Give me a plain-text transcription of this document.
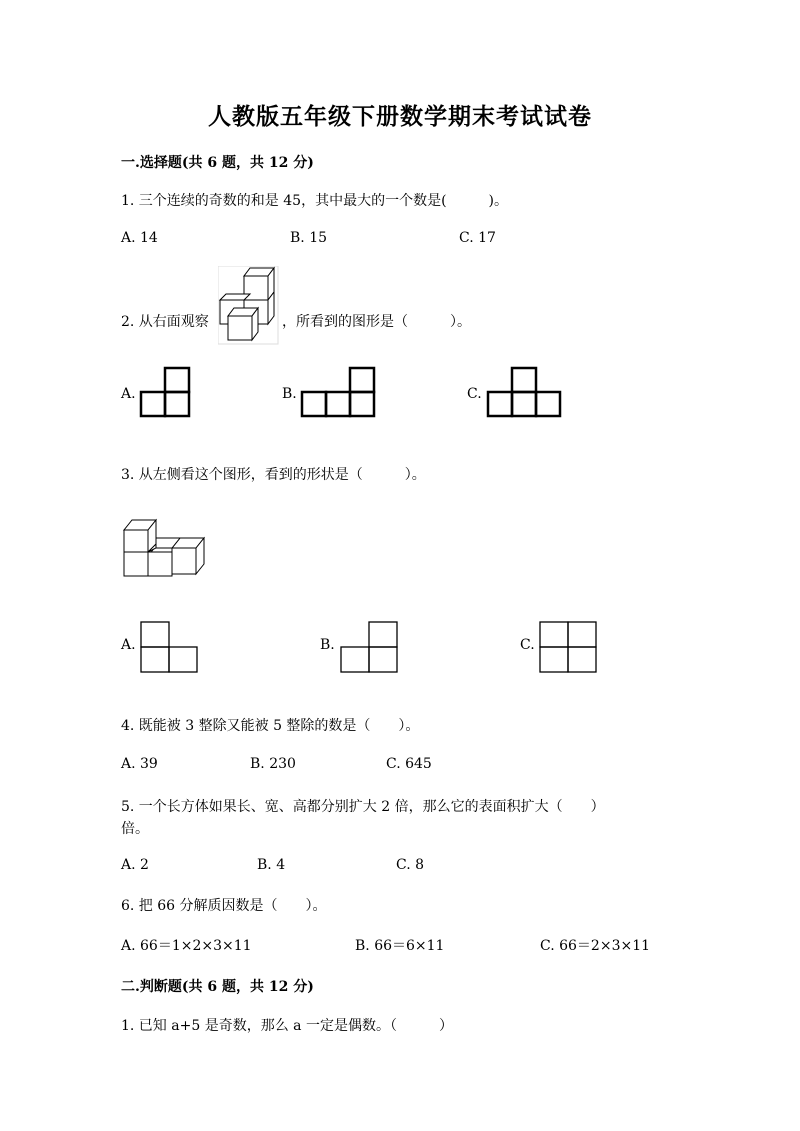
人教版五年级下册数学期末考试试卷
一.选择题(共 6 题，共 12 分)
1. 三个连续的奇数的和是 45，其中最大的一个数是(　　　)。
A. 14	B. 15	C. 17
2. 从右面观察	，所看到的图形是（　　　）。
A.	B.	C.
3. 从左侧看这个图形，看到的形状是（　　　）。
A.	B.	C.
4. 既能被 3 整除又能被 5 整除的数是（　　）。
A. 39	B. 230	C. 645
5. 一个长方体如果长、宽、高都分别扩大 2 倍，那么它的表面积扩大（　　）
倍。
A. 2	B. 4	C. 8
6. 把 66 分解质因数是（　　）。
A. 66＝1×2×3×11	B. 66＝6×11	C. 66＝2×3×11
二.判断题(共 6 题，共 12 分)
1. 已知 a+5 是奇数，那么 a 一定是偶数。（　　　）
